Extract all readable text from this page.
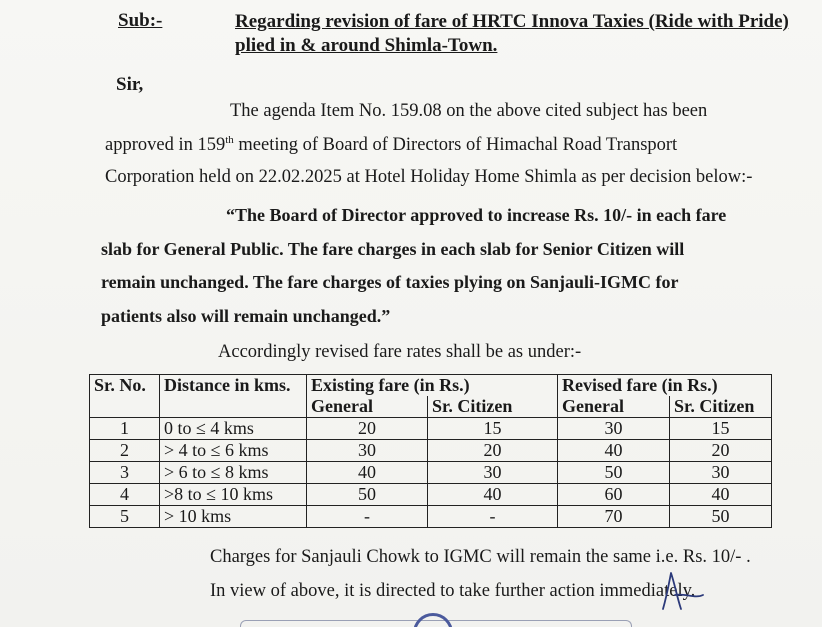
Sub:-	Regarding revision of fare of HRTC Innova Taxies (Ride with Pride) plied in & around Shimla-Town.
Sir,
The agenda Item No. 159.08 on the above cited subject has been
approved in 159th meeting of Board of Directors of Himachal Road Transport
Corporation held on 22.02.2025 at Hotel Holiday Home Shimla as per decision below:-
“The Board of Director approved to increase Rs. 10/- in each fare
slab for General Public. The fare charges in each slab for Senior Citizen will
remain unchanged. The fare charges of taxies plying on Sanjauli-IGMC for
patients also will remain unchanged.”
Accordingly revised fare rates shall be as under:-
Sr. No.	Distance in kms.	Existing fare (in Rs.)		Revised fare (in Rs.)	
		General	Sr. Citizen	General	Sr. Citizen
1	0 to ≤ 4 kms	20	15	30	15
2	> 4 to ≤ 6 kms	30	20	40	20
3	> 6 to ≤ 8 kms	40	30	50	30
4	>8 to ≤ 10 kms	50	40	60	40
5	> 10 kms	-	-	70	50
Charges for Sanjauli Chowk to IGMC will remain the same i.e. Rs. 10/- .
In view of above, it is directed to take further action immediately.
